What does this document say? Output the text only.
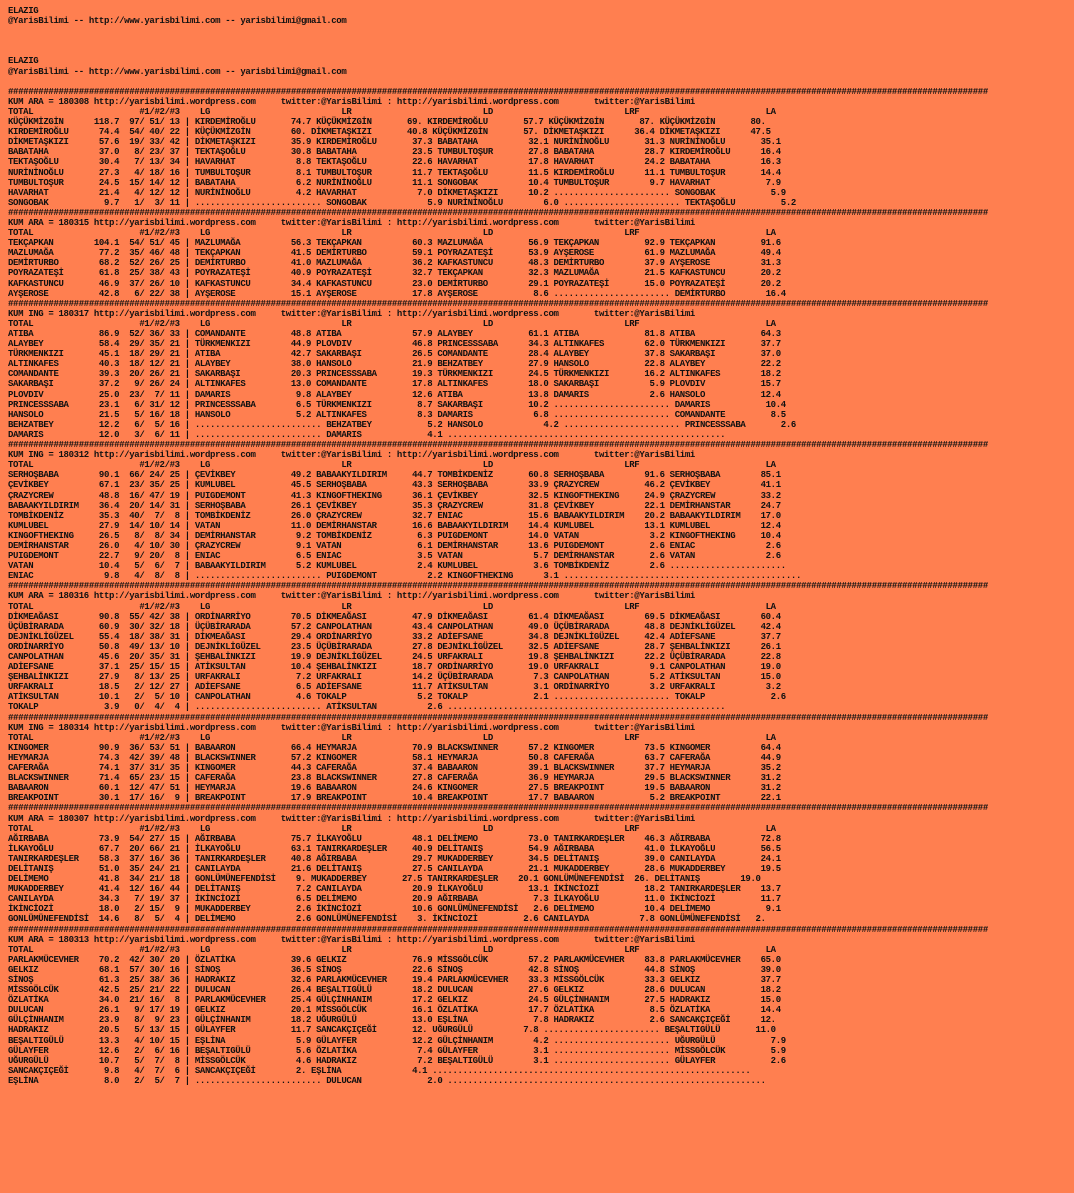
ELAZIG
@YarisBilimi -- http://www.yarisbilimi.com -- yarisbilimi@gmail.com
ELAZIG
@YarisBilimi -- http://www.yarisbilimi.com -- yarisbilimi@gmail.com
##################################################################################################################################################################################################
KUM ARA = 180308 http://yarisbilimi.wordpress.com     twitter:@YarisBilimi : http://yarisbilimi.wordpress.com       twitter:@YarisBilimi
TOTAL                     #1/#2/#3    LG                          LR                          LD                          LRF                         LA
KÜÇÜKMİZGİN      118.7  97/ 51/ 13 | KIRDEMİROĞLU       74.7 KÜÇÜKMİZGİN       69. KIRDEMİROĞLU       57.7 KÜÇÜKMİZGİN       87. KÜÇÜKMİZGİN       80.
KIRDEMİROĞLU      74.4  54/ 40/ 22 | KÜÇÜKMİZGİN        60. DİKMETAŞKIZI       40.8 KÜÇÜKMİZGİN       57. DİKMETAŞKIZI      36.4 DİKMETAŞKIZI      47.5
DİKMETAŞKIZI      57.6  19/ 33/ 42 | DİKMETAŞKIZI       35.9 KIRDEMİROĞLU       37.3 BABATAHA          32.1 NURİNİNOĞLU       31.3 NURİNİNOĞLU       35.1
BABATAHA          37.0   8/ 23/ 37 | TEKTAŞOĞLU         30.8 BABATAHA           23.5 TUMBULTOŞUR       27.8 BABATAHA          28.7 KIRDEMİROĞLU      16.4
TEKTAŞOĞLU        30.4   7/ 13/ 34 | HAVARHAT            8.8 TEKTAŞOĞLU         22.6 HAVARHAT          17.8 HAVARHAT          24.2 BABATAHA          16.3
NURİNİNOĞLU       27.3   4/ 18/ 16 | TUMBULTOŞUR         8.1 TUMBULTOŞUR        11.7 TEKTAŞOĞLU        11.5 KIRDEMİROĞLU      11.1 TUMBULTOŞUR       14.4
TUMBULTOŞUR       24.5  15/ 14/ 12 | BABATAHA            6.2 NURİNİNOĞLU        11.1 SONGOBAK          10.4 TUMBULTOŞUR        9.7 HAVARHAT           7.9
HAVARHAT          21.4   4/ 12/ 12 | NURİNİNOĞLU         4.2 HAVARHAT            7.0 DİKMETAŞKIZI      10.2 ....................... SONGOBAK           5.9
SONGOBAK           9.7   1/  3/ 11 | ......................... SONGOBAK            5.9 NURİNİNOĞLU        6.0 ....................... TEKTAŞOĞLU         5.2
##################################################################################################################################################################################################
KUM ARA = 180315 http://yarisbilimi.wordpress.com     twitter:@YarisBilimi : http://yarisbilimi.wordpress.com       twitter:@YarisBilimi
TOTAL                     #1/#2/#3    LG                          LR                          LD                          LRF                         LA
TEKÇAPKAN        104.1  54/ 51/ 45 | MAZLUMAĞA          56.3 TEKÇAPKAN          60.3 MAZLUMAĞA         56.9 TEKÇAPKAN         92.9 TEKÇAPKAN         91.6
MAZLUMAĞA         77.2  35/ 46/ 48 | TEKÇAPKAN          41.5 DEMİRTURBO         59.1 POYRAZATEŞİ       53.9 AYŞEROSE          61.9 MAZLUMAĞA         49.4
DEMİRTURBO        68.2  52/ 26/ 25 | DEMİRTURBO         41.0 MAZLUMAĞA          36.2 KAFKASTUNCU       48.3 DEMİRTURBO        37.9 AYŞEROSE          31.3
POYRAZATEŞİ       61.8  25/ 38/ 43 | POYRAZATEŞİ        40.9 POYRAZATEŞİ        32.7 TEKÇAPKAN         32.3 MAZLUMAĞA         21.5 KAFKASTUNCU       20.2
KAFKASTUNCU       46.9  37/ 26/ 10 | KAFKASTUNCU        34.4 KAFKASTUNCU        23.0 DEMİRTURBO        29.1 POYRAZATEŞİ       15.0 POYRAZATEŞİ       20.2
AYŞEROSE          42.8   6/ 22/ 38 | AYŞEROSE           15.1 AYŞEROSE           17.8 AYŞEROSE           8.6 ....................... DEMİRTURBO        16.4
##################################################################################################################################################################################################
KUM ING = 180317 http://yarisbilimi.wordpress.com     twitter:@YarisBilimi : http://yarisbilimi.wordpress.com       twitter:@YarisBilimi
TOTAL                     #1/#2/#3    LG                          LR                          LD                          LRF                         LA
ATIBA             86.9  52/ 36/ 33 | COMANDANTE         48.8 ATIBA              57.9 ALAYBEY           61.1 ATIBA             81.8 ATIBA             64.3
ALAYBEY           58.4  29/ 35/ 21 | TÜRKMENKIZI        44.9 PLOVDIV            46.8 PRINCESSSABA      34.3 ALTINKAFES        62.0 TÜRKMENKIZI       37.7
TÜRKMENKIZI       45.1  18/ 29/ 21 | ATIBA              42.7 SAKARBAŞI          26.5 COMANDANTE        28.4 ALAYBEY           37.8 SAKARBAŞI         37.0
ALTINKAFES        40.3  18/ 12/ 21 | ALAYBEY            38.0 HANSOLO            21.9 BEHZATBEY         27.9 HANSOLO           22.8 ALAYBEY           22.2
COMANDANTE        39.3  20/ 26/ 21 | SAKARBAŞI          20.3 PRINCESSSABA       19.3 TÜRKMENKIZI       24.5 TÜRKMENKIZI       16.2 ALTINKAFES        18.2
SAKARBAŞI         37.2   9/ 26/ 24 | ALTINKAFES         13.0 COMANDANTE         17.8 ALTINKAFES        18.0 SAKARBAŞI          5.9 PLOVDIV           15.7
PLOVDIV           25.0  23/  7/ 11 | DAMARIS             9.8 ALAYBEY            12.6 ATIBA             13.8 DAMARIS            2.6 HANSOLO           12.4
PRINCESSSABA      23.1   6/ 31/ 12 | PRINCESSSABA        6.5 TÜRKMENKIZI         8.7 SAKARBAŞI         10.2 ....................... DAMARIS           10.4
HANSOLO           21.5   5/ 16/ 18 | HANSOLO             5.2 ALTINKAFES          8.3 DAMARIS            6.8 ....................... COMANDANTE         8.5
BEHZATBEY         12.2   6/  5/ 16 | ......................... BEHZATBEY           5.2 HANSOLO            4.2 ....................... PRINCESSSABA       2.6
DAMARIS           12.0   3/  6/ 11 | ......................... DAMARIS             4.1 .......................................................
##################################################################################################################################################################################################
KUM ING = 180312 http://yarisbilimi.wordpress.com     twitter:@YarisBilimi : http://yarisbilimi.wordpress.com       twitter:@YarisBilimi
TOTAL                     #1/#2/#3    LG                          LR                          LD                          LRF                         LA
SERHOŞBABA        90.1  66/ 24/ 25 | ÇEVİKBEY           49.2 BABAAKYILDIRIM     44.7 TOMBİKDENİZ       60.8 SERHOŞBABA        91.6 SERHOŞBABA        85.1
ÇEVİKBEY          67.1  23/ 35/ 25 | KUMLUBEL           45.5 SERHOŞBABA         43.3 SERHOŞBABA        33.9 ÇRAZYCREW         46.2 ÇEVİKBEY          41.1
ÇRAZYCREW         48.8  16/ 47/ 19 | PUIGDEMONT         41.3 KINGOFTHEKING      36.1 ÇEVİKBEY          32.5 KINGOFTHEKING     24.9 ÇRAZYCREW         33.2
BABAAKYILDIRIM    36.4  20/ 14/ 31 | SERHOŞBABA         26.1 ÇEVİKBEY           35.3 ÇRAZYCREW         31.8 ÇEVİKBEY          22.1 DEMİRHANSTAR      24.7
TOMBİKDENİZ       35.3  40/  7/  8 | TOMBİKDENİZ        26.0 ÇRAZYCREW          32.7 ENIAC             15.6 BABAAKYILDIRIM    20.2 BABAAKYILDIRIM    17.0
KUMLUBEL          27.9  14/ 10/ 14 | VATAN              11.0 DEMİRHANSTAR       16.6 BABAAKYILDIRIM    14.4 KUMLUBEL          13.1 KUMLUBEL          12.4
KINGOFTHEKING     26.5   8/  8/ 34 | DEMİRHANSTAR        9.2 TOMBİKDENİZ         6.3 PUIGDEMONT        14.0 VATAN              3.2 KINGOFTHEKING     10.4
DEMİRHANSTAR      26.0   4/ 10/ 30 | ÇRAZYCREW           9.1 VATAN               6.1 DEMİRHANSTAR      13.6 PUIGDEMONT         2.6 ENIAC              2.6
PUIGDEMONT        22.7   9/ 20/  8 | ENIAC               6.5 ENIAC               3.5 VATAN              5.7 DEMİRHANSTAR       2.6 VATAN              2.6
VATAN             10.4   5/  6/  7 | BABAAKYILDIRIM      5.2 KUMLUBEL            2.4 KUMLUBEL           3.6 TOMBİKDENİZ        2.6 .......................
ENIAC              9.8   4/  8/  8 | ......................... PUIGDEMONT          2.2 KINGOFTHEKING      3.1 ...............................................
##################################################################################################################################################################################################
KUM ARA = 180316 http://yarisbilimi.wordpress.com     twitter:@YarisBilimi : http://yarisbilimi.wordpress.com       twitter:@YarisBilimi
TOTAL                     #1/#2/#3    LG                          LR                          LD                          LRF                         LA
DİKMEAĞASI        90.8  55/ 42/ 38 | ORDİNARRİYO        70.5 DİKMEAĞASI         47.9 DİKMEAĞASI        61.4 DİKMEAĞASI        69.5 DİKMEAĞASI        60.4
ÜÇÜBİRARADA       60.9  30/ 32/ 18 | ÜÇÜBİRARADA        57.2 CANPOLATHAN        43.4 CANPOLATHAN       49.0 ÜÇÜBİRARADA       48.8 DEJNİKLİGÜZEL     42.4
DEJNİKLİGÜZEL     55.4  18/ 38/ 31 | DİKMEAĞASI         29.4 ORDİNARRİYO        33.2 ADİEFSANE         34.8 DEJNİKLİGÜZEL     42.4 ADİEFSANE         37.7
ORDİNARRİYO       50.8  49/ 13/ 10 | DEJNİKLİGÜZEL      23.5 ÜÇÜBİRARADA        27.8 DEJNİKLİGÜZEL     32.5 ADİEFSANE         28.7 ŞEHBALİNKIZI      26.1
CANPOLATHAN       45.6  20/ 35/ 31 | ŞEHBALİNKIZI       19.9 DEJNİKLİGÜZEL      24.5 URFAKRALI         19.8 ŞEHBALİNKIZI      22.2 ÜÇÜBİRARADA       22.8
ADİEFSANE         37.1  25/ 15/ 15 | ATİKSULTAN         10.4 ŞEHBALİNKIZI       18.7 ORDİNARRİYO       19.0 URFAKRALI          9.1 CANPOLATHAN       19.0
ŞEHBALİNKIZI      27.9   8/ 13/ 25 | URFAKRALI           7.2 URFAKRALI          14.2 ÜÇÜBİRARADA        7.3 CANPOLATHAN        5.2 ATİKSULTAN        15.0
URFAKRALI         18.5   2/ 12/ 27 | ADİEFSANE           6.5 ADİEFSANE          11.7 ATİKSULTAN         3.1 ORDİNARRİYO        3.2 URFAKRALI          3.2
ATİKSULTAN        10.1   2/  5/ 10 | CANPOLATHAN         4.6 TOKALP              5.2 TOKALP             2.1 ....................... TOKALP             2.6
TOKALP             3.9   0/  4/  4 | ......................... ATİKSULTAN          2.6 .......................................................
##################################################################################################################################################################################################
KUM ING = 180314 http://yarisbilimi.wordpress.com     twitter:@YarisBilimi : http://yarisbilimi.wordpress.com       twitter:@YarisBilimi
TOTAL                     #1/#2/#3    LG                          LR                          LD                          LRF                         LA
KINGOMER          90.9  36/ 53/ 51 | BABAARON           66.4 HEYMARJA           70.9 BLACKSWINNER      57.2 KINGOMER          73.5 KINGOMER          64.4
HEYMARJA          74.3  42/ 39/ 48 | BLACKSWINNER       57.2 KINGOMER           58.1 HEYMARJA          50.8 CAFERAĞA          63.7 CAFERAĞA          44.9
CAFERAĞA          74.1  37/ 31/ 35 | KINGOMER           44.3 CAFERAĞA           37.4 BABAARON          39.1 BLACKSWINNER      37.7 HEYMARJA          35.2
BLACKSWINNER      71.4  65/ 23/ 15 | CAFERAĞA           23.8 BLACKSWINNER       27.8 CAFERAĞA          36.9 HEYMARJA          29.5 BLACKSWINNER      31.2
BABAARON          60.1  12/ 47/ 51 | HEYMARJA           19.6 BABAARON           24.6 KINGOMER          27.5 BREAKPOINT        19.5 BABAARON          31.2
BREAKPOINT        30.1  17/ 16/  9 | BREAKPOINT         17.9 BREAKPOINT         10.4 BREAKPOINT        17.7 BABAARON           5.2 BREAKPOINT        22.1
##################################################################################################################################################################################################
KUM ARA = 180307 http://yarisbilimi.wordpress.com     twitter:@YarisBilimi : http://yarisbilimi.wordpress.com       twitter:@YarisBilimi
TOTAL                     #1/#2/#3    LG                          LR                          LD                          LRF                         LA
AĞIRBABA          73.9  54/ 27/ 15 | AĞIRBABA           75.7 İLKAYOĞLU          48.1 DELİMEMO          73.0 TANIRKARDEŞLER    46.3 AĞIRBABA          72.8
İLKAYOĞLU         67.7  20/ 66/ 21 | İLKAYOĞLU          63.1 TANIRKARDEŞLER     40.9 DELİTANIŞ         54.9 AĞIRBABA          41.0 İLKAYOĞLU         56.5
TANIRKARDEŞLER    58.3  37/ 16/ 36 | TANIRKARDEŞLER     40.8 AĞIRBABA           29.7 MUKADDERBEY       34.5 DELİTANIŞ         39.0 CANILAYDA         24.1
DELİTANIŞ         51.0  35/ 24/ 21 | CANILAYDA          21.6 DELİTANIŞ          27.5 CANILAYDA         21.1 MUKADDERBEY       28.6 MUKADDERBEY       19.5
DELİMEMO          41.8  34/ 21/ 18 | GONLÜMÜNEFENDİSİ    9. MUKADDERBEY       27.5 TANIRKARDEŞLER    20.1 GONLÜMÜNEFENDİSİ  26. DELİTANIŞ        19.0
MUKADDERBEY       41.4  12/ 16/ 44 | DELİTANIŞ           7.2 CANILAYDA          20.9 İLKAYOĞLU         13.1 İKİNCİOZİ         18.2 TANIRKARDEŞLER    13.7
CANILAYDA         34.3   7/ 19/ 37 | İKİNCİOZİ           6.5 DELİMEMO           20.9 AĞIRBABA           7.3 İLKAYOĞLU         11.0 İKİNCİOZİ         11.7
İKİNCİOZİ         18.0   2/ 15/  9 | MUKADDERBEY         2.6 İKİNCİOZİ          10.6 GONLÜMÜNEFENDİSİ   2.6 DELİMEMO          10.4 DELİMEMO           9.1
GONLÜMÜNEFENDİSİ  14.6   8/  5/  4 | DELİMEMO            2.6 GONLÜMÜNEFENDİSİ    3. İKİNCİOZİ         2.6 CANILAYDA          7.8 GONLÜMÜNEFENDİSİ   2.
##################################################################################################################################################################################################
KUM ARA = 180313 http://yarisbilimi.wordpress.com     twitter:@YarisBilimi : http://yarisbilimi.wordpress.com       twitter:@YarisBilimi
TOTAL                     #1/#2/#3    LG                          LR                          LD                          LRF                         LA
PARLAKMÜCEVHER    70.2  42/ 30/ 20 | ÖZLATİKA           39.6 GELKIZ             76.9 MİSSGÖLCÜK        57.2 PARLAKMÜCEVHER    83.8 PARLAKMÜCEVHER    65.0
GELKIZ            68.1  57/ 30/ 16 | SİNOŞ              36.5 SİNOŞ              22.6 SİNOŞ             42.8 SİNOŞ             44.8 SİNOŞ             39.0
SİNOŞ             61.3  25/ 38/ 36 | HADRAKIZ           32.6 PARLAKMÜCEVHER     19.4 PARLAKMÜCEVHER    33.3 MİSSGÖLCÜK        33.3 GELKIZ            37.7
MİSSGÖLCÜK        42.5  25/ 21/ 22 | DULUCAN            26.4 BEŞALTIGÜLÜ        18.2 DULUCAN           27.6 GELKIZ            28.6 DULUCAN           18.2
ÖZLATİKA          34.0  21/ 16/  8 | PARLAKMÜCEVHER     25.4 GÜLÇİNHANIM        17.2 GELKIZ            24.5 GÜLÇİNHANIM       27.5 HADRAKIZ          15.0
DULUCAN           26.1   9/ 17/ 19 | GELKIZ             20.1 MİSSGÖLCÜK         16.1 ÖZLATİKA          17.7 ÖZLATİKA           8.5 ÖZLATİKA          14.4
GÜLÇİNHANIM       23.9   8/  9/ 23 | GÜLÇİNHANIM        18.2 UĞURGÜLÜ           13.0 EŞLİNA             7.8 HADRAKIZ           2.6 SANCAKÇIÇEĞİ      12.
HADRAKIZ          20.5   5/ 13/ 15 | GÜLAYFER           11.7 SANCAKÇIÇEĞİ       12. UĞURGÜLÜ          7.8 ....................... BEŞALTIGÜLÜ       11.0
BEŞALTIGÜLÜ       13.3   4/ 10/ 15 | EŞLİNA              5.9 GÜLAYFER           12.2 GÜLÇİNHANIM        4.2 ....................... UĞURGÜLÜ           7.9
GÜLAYFER          12.6   2/  6/ 16 | BEŞALTIGÜLÜ         5.6 ÖZLATİKA            7.4 GÜLAYFER           3.1 ....................... MİSSGÖLCÜK         5.9
UĞURGÜLÜ          10.7   5/  7/  8 | MİSSGÖLCÜK          4.6 HADRAKIZ            7.2 BEŞALTIGÜLÜ        3.1 ....................... GÜLAYFER           2.6
SANCAKÇIÇEĞİ       9.8   4/  7/  6 | SANCAKÇIÇEĞİ        2. EŞLİNA              4.1 ...............................................................
EŞLİNA             8.0   2/  5/  7 | ......................... DULUCAN             2.0 ...............................................................
